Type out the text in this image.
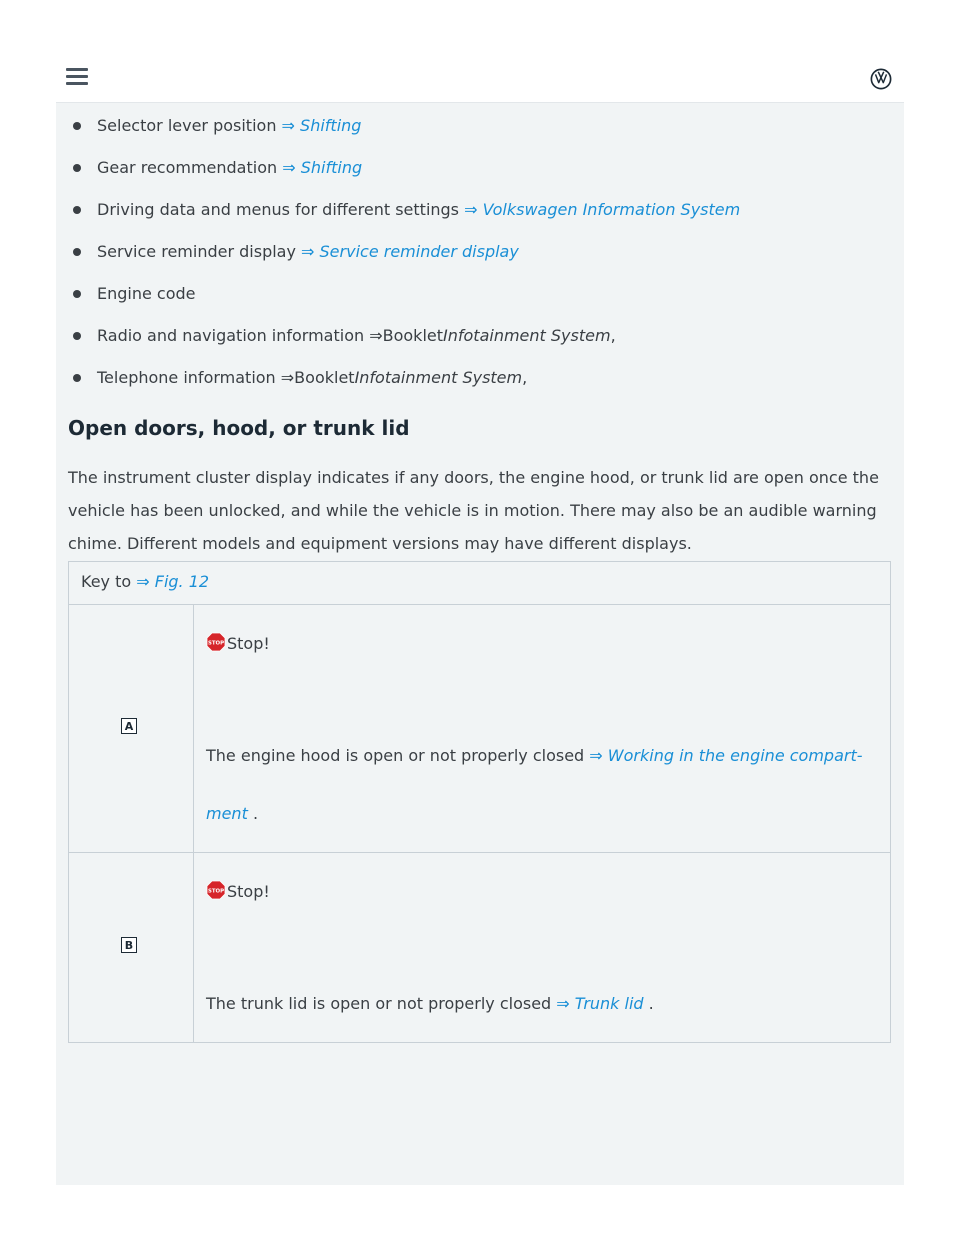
Selector lever position ⇒ Shifting
Gear recommendation ⇒ Shifting
Driving data and menus for different settings ⇒ Volkswagen Information System
Service reminder display ⇒ Service reminder display
Engine code
Radio and navigation information ⇒BookletInfotainment System,
Telephone information ⇒BookletInfotainment System,
Open doors, hood, or trunk lid

The instrument cluster display indicates if any doors, the engine hood, or trunk lid are open once the vehicle has been unlocked, and while the vehicle is in motion. There may also be an audible warning chime. Different models and equipment versions may have different displays.

Key to ⇒ Fig. 12	

A	STOP Stop!
The engine hood is open or not properly closed ⇒ Working in the engine compart-
ment .

B	STOP Stop!
The trunk lid is open or not properly closed ⇒ Trunk lid .
